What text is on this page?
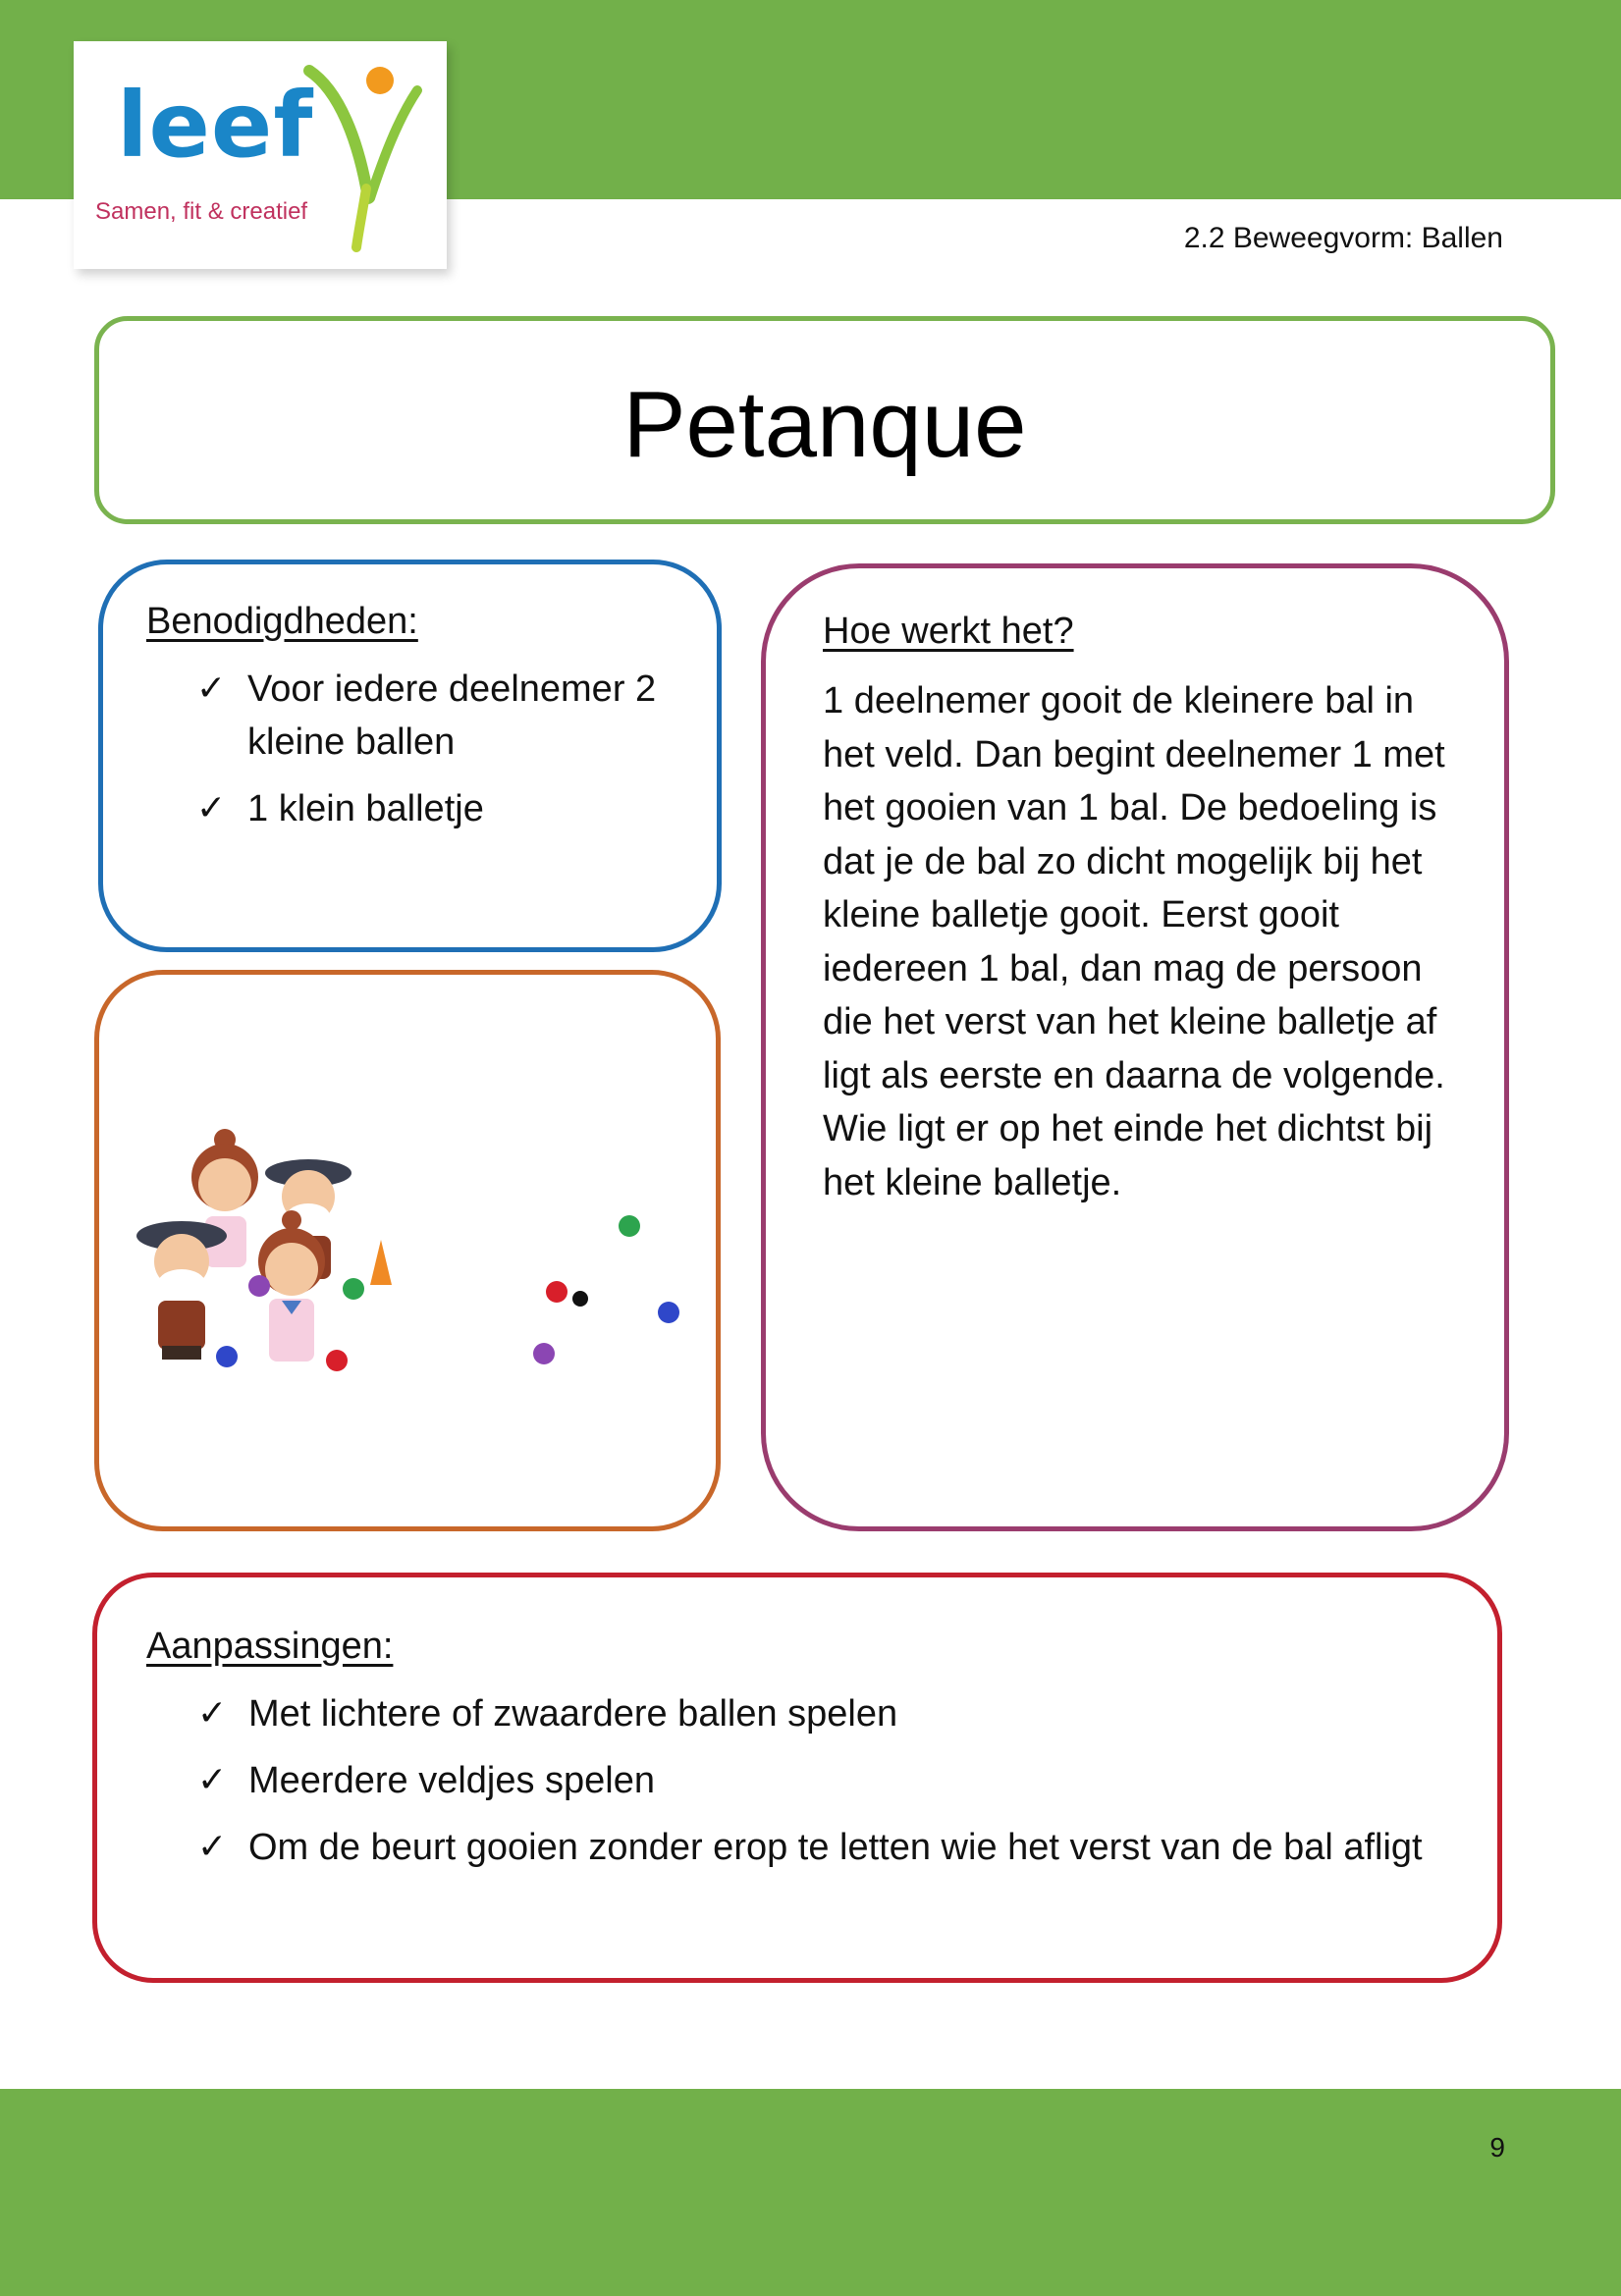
leef
Samen, fit & creatief
2.2 Beweegvorm: Ballen
Petanque
Benodigdheden:
✓ Voor iedere deelnemer 2 kleine ballen
✓ 1 klein balletje
Hoe werkt het?

1 deelnemer gooit de kleinere bal in het veld. Dan begint deelnemer 1 met het gooien van 1 bal. De bedoeling is dat je de bal zo dicht mogelijk bij het kleine balletje gooit. Eerst gooit iedereen 1 bal, dan mag de persoon die het verst van het kleine balletje af ligt als eerste en daarna de volgende. Wie ligt er op het einde het dichtst bij het kleine balletje.

Aanpassingen:
✓ Met lichtere of zwaardere ballen spelen
✓ Meerdere veldjes spelen
✓ Om de beurt gooien zonder erop te letten wie het verst van de bal afligt
9
